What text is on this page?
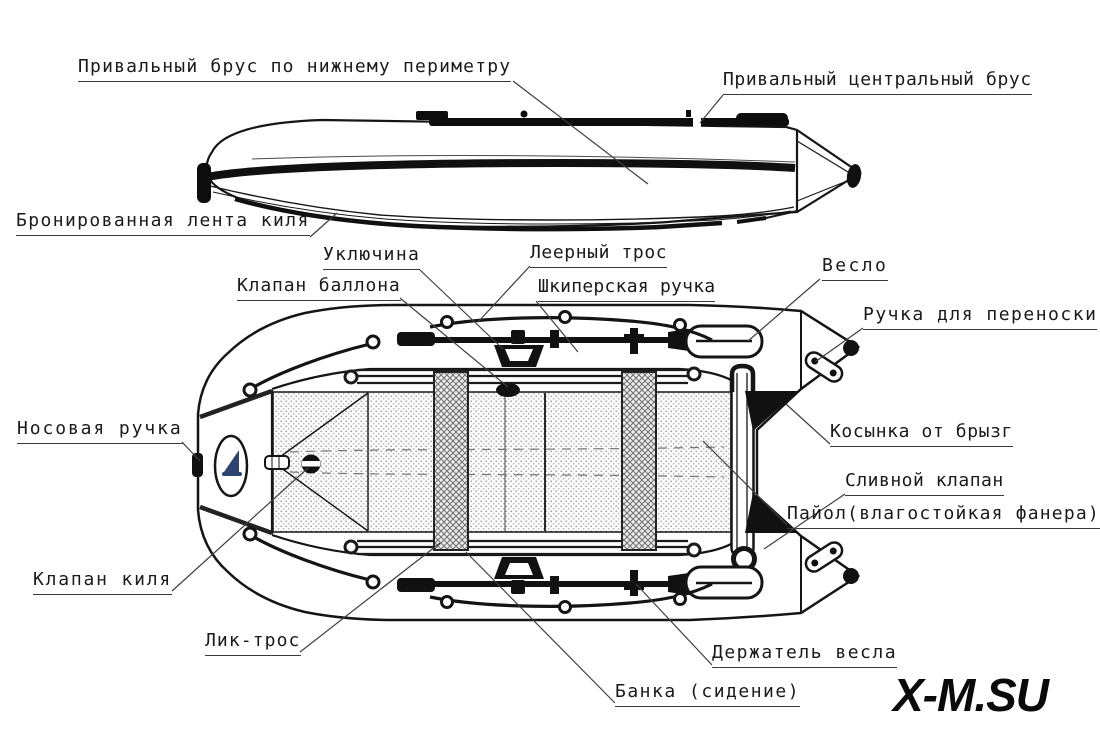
Привальный брус по нижнему периметру
Привальный центральный брус
Бронированная лента киля
Уключина
Клапан баллона
Леерный трос
Шкиперская ручка
Весло
Ручка для переноски
Носовая ручка	Косынка от брызг
Сливной клапан
Пайол(влагостойкая фанера)
Клапан киля
Лик-трос
Держатель весла
Банка (сидение) X-M.SU
